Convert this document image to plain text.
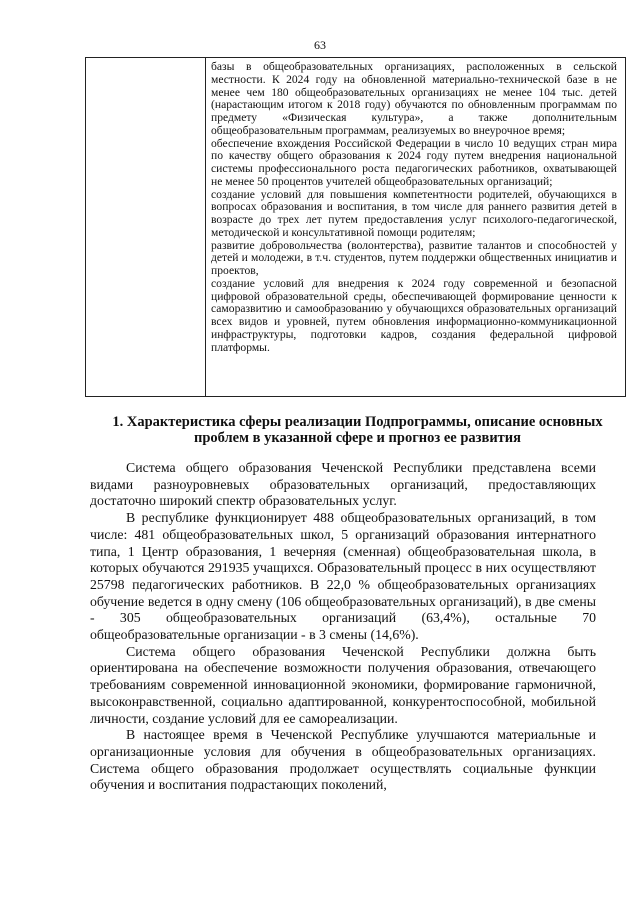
63

базы в общеобразовательных организациях, расположенных в сельской местности. К 2024 году на обновленной материально-технической базе в не менее чем 180 общеобразовательных организациях не менее 104 тыс. детей (нарастающим итогом к 2018 году) обучаются по обновленным программам по предмету «Физическая культура», а также дополнительным общеобразовательным программам, реализуемых во внеурочное время;

обеспечение вхождения Российской Федерации в число 10 ведущих стран мира по качеству общего образования к 2024 году путем внедрения национальной системы профессионального роста педагогических работников, охватывающей не менее 50 процентов учителей общеобразовательных организаций;

создание условий для повышения компетентности родителей, обучающихся в вопросах образования и воспитания, в том числе для раннего развития детей в возрасте до трех лет путем предоставления услуг психолого-педагогической, методической и консультативной помощи родителям;

развитие добровольчества (волонтерства), развитие талантов и способностей у детей и молодежи, в т.ч. студентов, путем поддержки общественных инициатив и проектов,

создание условий для внедрения к 2024 году современной и безопасной цифровой образовательной среды, обеспечивающей формирование ценности к саморазвитию и самообразованию у обучающихся образовательных организаций всех видов и уровней, путем обновления информационно-коммуникационной инфраструктуры, подготовки кадров, создания федеральной цифровой платформы.

1. Характеристика сферы реализации Подпрограммы, описание основных проблем в указанной сфере и прогноз ее развития

Система общего образования Чеченской Республики представлена всеми видами разноуровневых образовательных организаций, предоставляющих достаточно широкий спектр образовательных услуг.

В республике функционирует 488 общеобразовательных организаций, в том числе: 481 общеобразовательных школ, 5 организаций образования интернатного типа, 1 Центр образования, 1 вечерняя (сменная) общеобразовательная школа, в которых обучаются 291935 учащихся. Образовательный процесс в них осуществляют 25798 педагогических работников. В 22,0 % общеобразовательных организациях обучение ведется в одну смену (106 общеобразовательных организаций), в две смены - 305 общеобразовательных организаций (63,4%), остальные 70 общеобразовательные организации - в 3 смены (14,6%).

Система общего образования Чеченской Республики должна быть ориентирована на обеспечение возможности получения образования, отвечающего требованиям современной инновационной экономики, формирование гармоничной, высоконравственной, социально адаптированной, конкурентоспособной, мобильной личности, создание условий для ее самореализации.

В настоящее время в Чеченской Республике улучшаются материальные и организационные условия для обучения в общеобразовательных организациях. Система общего образования продолжает осуществлять социальные функции обучения и воспитания подрастающих поколений,
